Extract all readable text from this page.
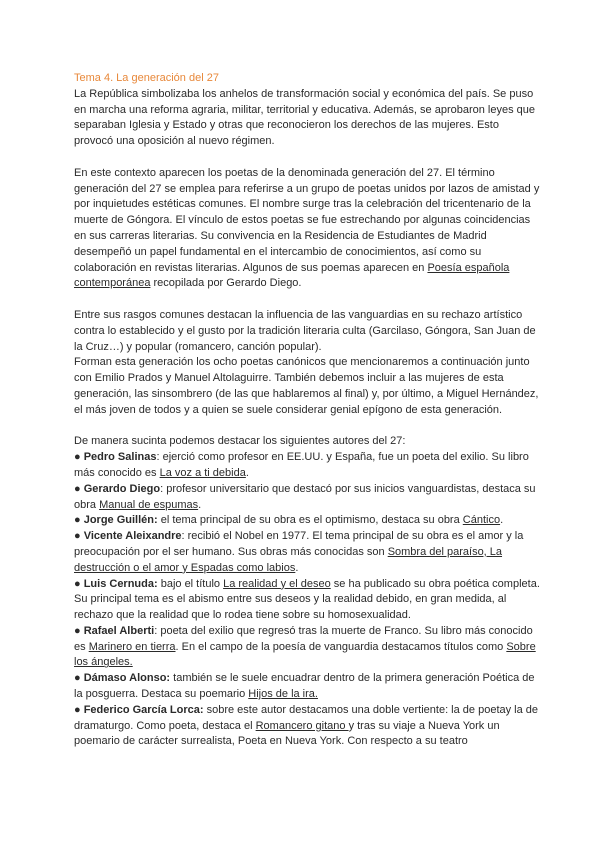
Tema 4. La generación del 27

La República simbolizaba los anhelos de transformación social y económica del país. Se puso en marcha una reforma agraria, militar, territorial y educativa. Además, se aprobaron leyes que separaban Iglesia y Estado y otras que reconocieron los derechos de las mujeres. Esto provocó una oposición al nuevo régimen.

En este contexto aparecen los poetas de la denominada generación del 27. El término generación del 27 se emplea para referirse a un grupo de poetas unidos por lazos de amistad y por inquietudes estéticas comunes. El nombre surge tras la celebración del tricentenario de la muerte de Góngora. El vínculo de estos poetas se fue estrechando por algunas coincidencias en sus carreras literarias. Su convivencia en la Residencia de Estudiantes de Madrid desempeñó un papel fundamental en el intercambio de conocimientos, así como su colaboración en revistas literarias. Algunos de sus poemas aparecen en Poesía española contemporánea recopilada por Gerardo Diego.

Entre sus rasgos comunes destacan la influencia de las vanguardias en su rechazo artístico contra lo establecido y el gusto por la tradición literaria culta (Garcilaso, Góngora, San Juan de la Cruz…) y popular (romancero, canción popular).

Forman esta generación los ocho poetas canónicos que mencionaremos a continuación junto con Emilio Prados y Manuel Altolaguirre. También debemos incluir a las mujeres de esta generación, las sinsombrero (de las que hablaremos al final) y, por último, a Miguel Hernández, el más joven de todos y a quien se suele considerar genial epígono de esta generación.

De manera sucinta podemos destacar los siguientes autores del 27:

● Pedro Salinas: ejerció como profesor en EE.UU. y España, fue un poeta del exilio. Su libro más conocido es La voz a ti debida.

● Gerardo Diego: profesor universitario que destacó por sus inicios vanguardistas, destaca su obra Manual de espumas.

● Jorge Guillén: el tema principal de su obra es el optimismo, destaca su obra Cántico.

● Vicente Aleixandre: recibió el Nobel en 1977. El tema principal de su obra es el amor y la preocupación por el ser humano. Sus obras más conocidas son Sombra del paraíso, La destrucción o el amor y Espadas como labios.

● Luis Cernuda: bajo el título La realidad y el deseo se ha publicado su obra poética completa. Su principal tema es el abismo entre sus deseos y la realidad debido, en gran medida, al rechazo que la realidad que lo rodea tiene sobre su homosexualidad.

● Rafael Alberti: poeta del exilio que regresó tras la muerte de Franco. Su libro más conocido es Marinero en tierra. En el campo de la poesía de vanguardia destacamos títulos como Sobre los ángeles.

● Dámaso Alonso: también se le suele encuadrar dentro de la primera generación Poética de la posguerra. Destaca su poemario Hijos de la ira.

● Federico García Lorca: sobre este autor destacamos una doble vertiente: la de poetay la de dramaturgo. Como poeta, destaca el Romancero gitano y tras su viaje a Nueva York un poemario de carácter surrealista, Poeta en Nueva York. Con respecto a su teatro
